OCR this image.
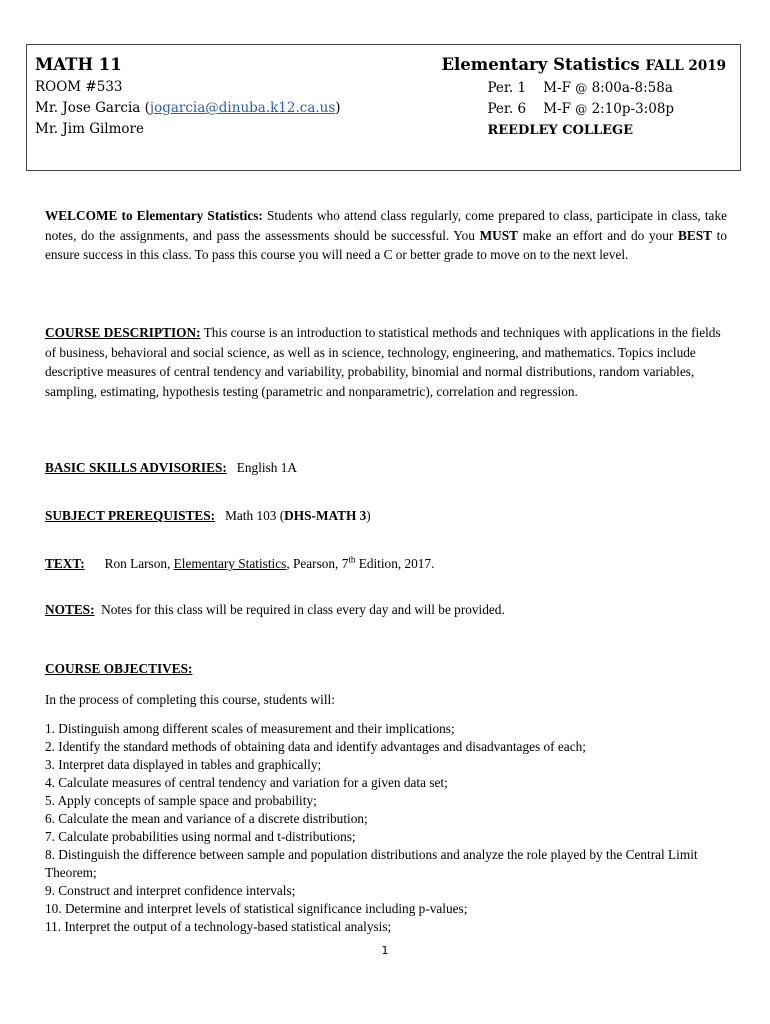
MATH 11
ROOM #533
Mr. Jose Garcia (jogarcia@dinuba.k12.ca.us)
Mr. Jim Gilmore
Elementary Statistics FALL 2019
Per. 1 M-F @ 8:00a-8:58a
Per. 6 M-F @ 2:10p-3:08p
REEDLEY COLLEGE
WELCOME to Elementary Statistics: Students who attend class regularly, come prepared to class, participate in class, take notes, do the assignments, and pass the assessments should be successful. You MUST make an effort and do your BEST to ensure success in this class. To pass this course you will need a C or better grade to move on to the next level.
COURSE DESCRIPTION: This course is an introduction to statistical methods and techniques with applications in the fields of business, behavioral and social science, as well as in science, technology, engineering, and mathematics. Topics include descriptive measures of central tendency and variability, probability, binomial and normal distributions, random variables, sampling, estimating, hypothesis testing (parametric and nonparametric), correlation and regression.
BASIC SKILLS ADVISORIES: English 1A
SUBJECT PREREQUISTES: Math 103 (DHS-MATH 3)
TEXT: Ron Larson, Elementary Statistics, Pearson, 7th Edition, 2017.
NOTES: Notes for this class will be required in class every day and will be provided.
COURSE OBJECTIVES:
In the process of completing this course, students will:
1. Distinguish among different scales of measurement and their implications;
2. Identify the standard methods of obtaining data and identify advantages and disadvantages of each;
3. Interpret data displayed in tables and graphically;
4. Calculate measures of central tendency and variation for a given data set;
5. Apply concepts of sample space and probability;
6. Calculate the mean and variance of a discrete distribution;
7. Calculate probabilities using normal and t-distributions;
8. Distinguish the difference between sample and population distributions and analyze the role played by the Central Limit Theorem;
9. Construct and interpret confidence intervals;
10. Determine and interpret levels of statistical significance including p-values;
11. Interpret the output of a technology-based statistical analysis;
1
